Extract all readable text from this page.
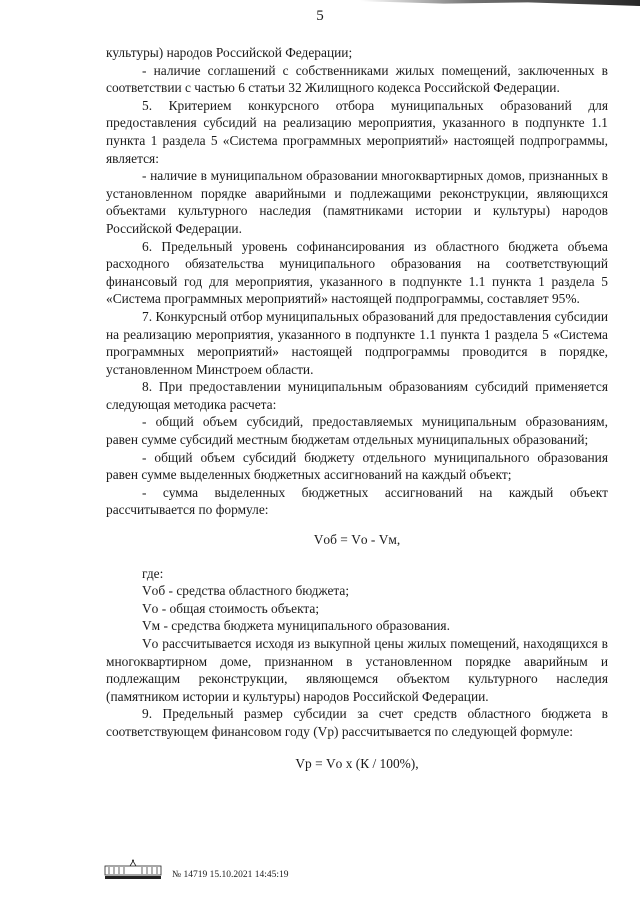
5

культуры) народов Российской Федерации;

- наличие соглашений с собственниками жилых помещений, заключенных в соответствии с частью 6 статьи 32 Жилищного кодекса Российской Федерации.

5. Критерием конкурсного отбора муниципальных образований для предоставления субсидий на реализацию мероприятия, указанного в подпункте 1.1 пункта 1 раздела 5 «Система программных мероприятий» настоящей подпрограммы, является:

- наличие в муниципальном образовании многоквартирных домов, признанных в установленном порядке аварийными и подлежащими реконструкции, являющихся объектами культурного наследия (памятниками истории и культуры) народов Российской Федерации.

6. Предельный уровень софинансирования из областного бюджета объема расходного обязательства муниципального образования на соответствующий финансовый год для мероприятия, указанного в подпункте 1.1 пункта 1 раздела 5 «Система программных мероприятий» настоящей подпрограммы, составляет 95%.

7. Конкурсный отбор муниципальных образований для предоставления субсидии на реализацию мероприятия, указанного в подпункте 1.1 пункта 1 раздела 5 «Система программных мероприятий» настоящей подпрограммы проводится в порядке, установленном Минстроем области.

8. При предоставлении муниципальным образованиям субсидий применяется следующая методика расчета:

- общий объем субсидий, предоставляемых муниципальным образованиям, равен сумме субсидий местным бюджетам отдельных муниципальных образований;

- общий объем субсидий бюджету отдельного муниципального образования равен сумме выделенных бюджетных ассигнований на каждый объект;

- сумма выделенных бюджетных ассигнований на каждый объект рассчитывается по формуле:

Vоб = Vо - Vм,

где:

Vоб - средства областного бюджета;

Vо - общая стоимость объекта;

Vм - средства бюджета муниципального образования.

Vо рассчитывается исходя из выкупной цены жилых помещений, находящихся в многоквартирном доме, признанном в установленном порядке аварийным и подлежащим реконструкции, являющемся объектом культурного наследия (памятником истории и культуры) народов Российской Федерации.

9. Предельный размер субсидии за счет средств областного бюджета в соответствующем финансовом году (Vр) рассчитывается по следующей формуле:

Vр = Vо х (К / 100%),

№ 14719 15.10.2021 14:45:19
